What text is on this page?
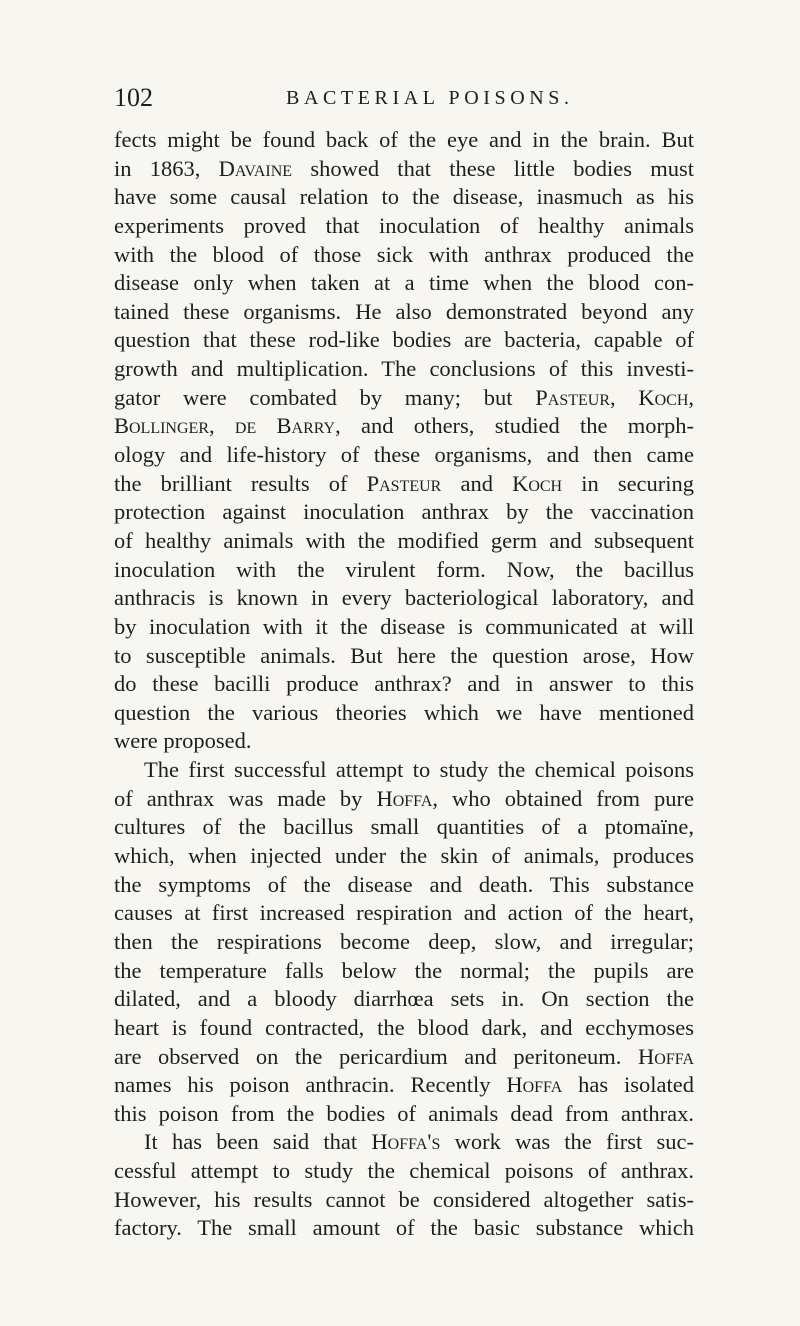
102	BACTERIAL POISONS.
fects might be found back of the eye and in the brain. But
in 1863, Davaine showed that these little bodies must
have some causal relation to the disease, inasmuch as his
experiments proved that inoculation of healthy animals
with the blood of those sick with anthrax produced the
disease only when taken at a time when the blood con-
tained these organisms. He also demonstrated beyond any
question that these rod-like bodies are bacteria, capable of
growth and multiplication. The conclusions of this investi-
gator were combated by many; but Pasteur, Koch,
Bollinger, de Barry, and others, studied the morph-
ology and life-history of these organisms, and then came
the brilliant results of Pasteur and Koch in securing
protection against inoculation anthrax by the vaccination
of healthy animals with the modified germ and subsequent
inoculation with the virulent form. Now, the bacillus
anthracis is known in every bacteriological laboratory, and
by inoculation with it the disease is communicated at will
to susceptible animals. But here the question arose, How
do these bacilli produce anthrax? and in answer to this
question the various theories which we have mentioned
were proposed.
The first successful attempt to study the chemical poisons
of anthrax was made by Hoffa, who obtained from pure
cultures of the bacillus small quantities of a ptomaïne,
which, when injected under the skin of animals, produces
the symptoms of the disease and death. This substance
causes at first increased respiration and action of the heart,
then the respirations become deep, slow, and irregular;
the temperature falls below the normal; the pupils are
dilated, and a bloody diarrhœa sets in. On section the
heart is found contracted, the blood dark, and ecchymoses
are observed on the pericardium and peritoneum. Hoffa
names his poison anthracin. Recently Hoffa has isolated
this poison from the bodies of animals dead from anthrax.
It has been said that Hoffa's work was the first suc-
cessful attempt to study the chemical poisons of anthrax.
However, his results cannot be considered altogether satis-
factory. The small amount of the basic substance which
